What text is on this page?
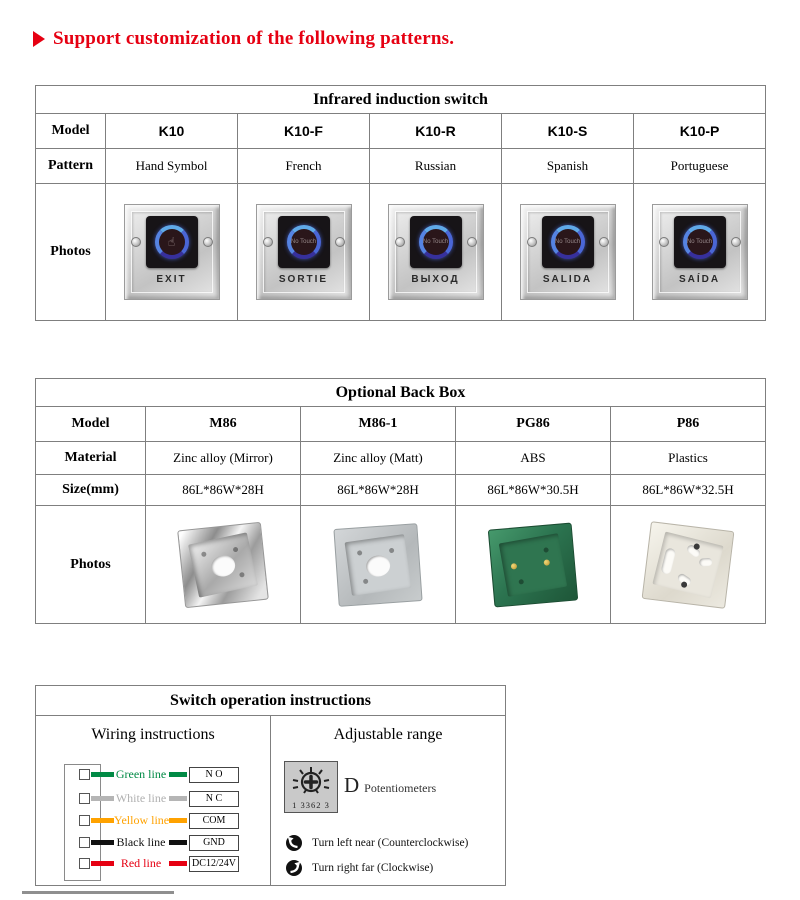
Support customization of the following patterns.
Infrared induction switch					
Model	K10	K10-F	K10-R	K10-S	K10-P
Pattern	Hand Symbol	French	Russian	Spanish	Portuguese
Photos	
☝
EXIT

No Touch
SORTIE

No Touch
ВЫХОД

No Touch
SALIDA

No Touch
SAÍDA
Optional Back Box				
Model	M86	M86-1	PG86	P86
Material	Zinc alloy (Mirror)	Zinc alloy (Matt)	ABS	Plastics
Size(mm)	86L*86W*28H	86L*86W*28H	86L*86W*30.5H	86L*86W*32.5H
Photos	

Switch operation instructions

Wiring instructions
Green line	N O
White line	N C
Yellow line	COM
Black line	GND
Red line	DC12/24V

Adjustable range
1 3362 3
D Potentiometers
Turn left near (Counterclockwise)
Turn right far (Clockwise)
